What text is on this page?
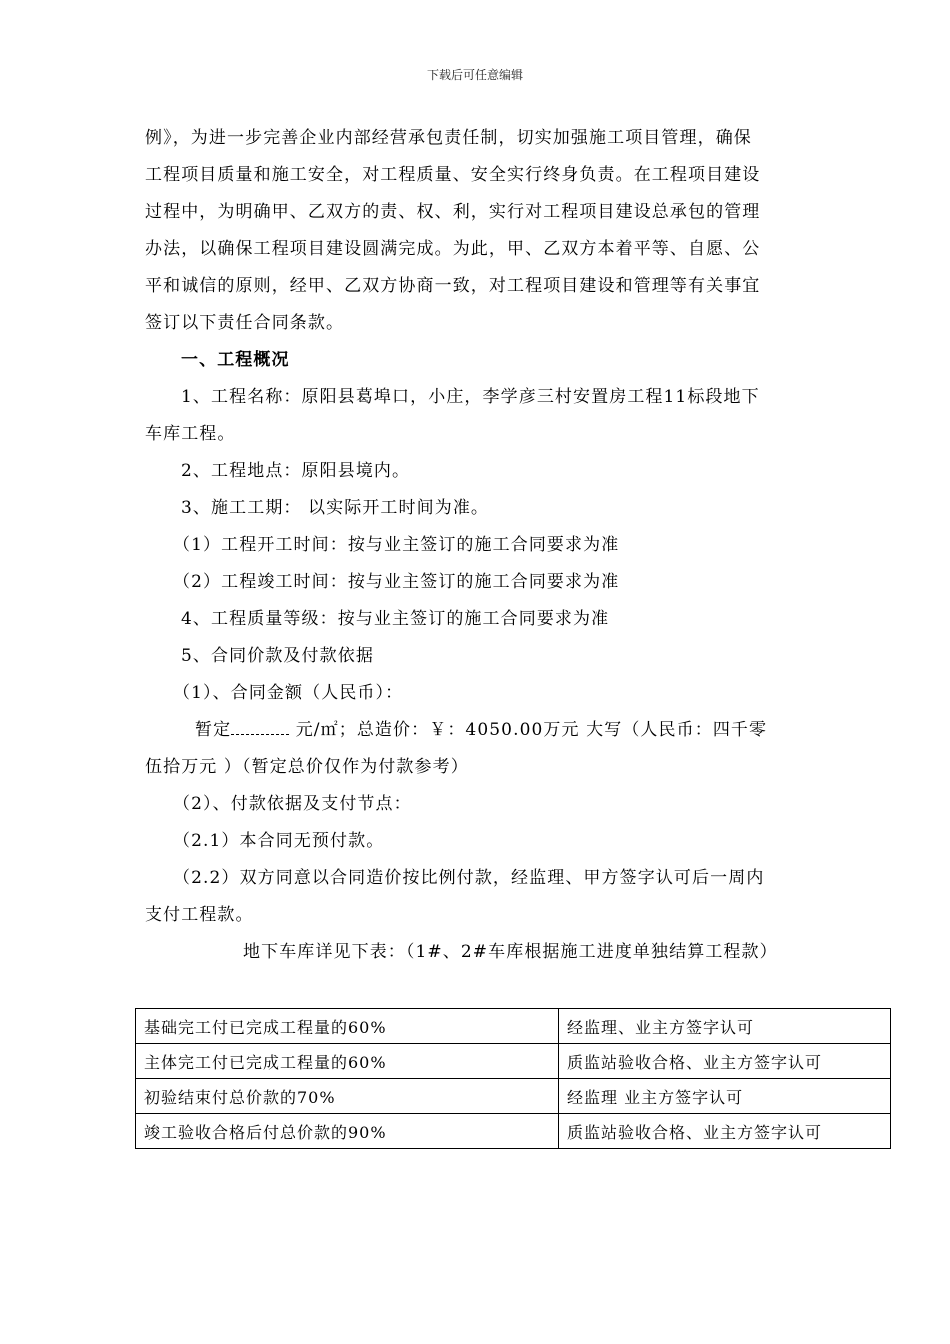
下载后可任意编辑

例》，为进一步完善企业内部经营承包责任制，切实加强施工项目管理，确保

工程项目质量和施工安全，对工程质量、安全实行终身负责。在工程项目建设

过程中，为明确甲、乙双方的责、权、利，实行对工程项目建设总承包的管理

办法，以确保工程项目建设圆满完成。为此，甲、乙双方本着平等、自愿、公

平和诚信的原则，经甲、乙双方协商一致，对工程项目建设和管理等有关事宜

签订以下责任合同条款。

一、工程概况

1、工程名称：原阳县葛埠口，小庄，李学彦三村安置房工程11标段地下

车库工程。

2、工程地点：原阳县境内。

3、施工工期： 以实际开工时间为准。

（1）工程开工时间：按与业主签订的施工合同要求为准

（2）工程竣工时间：按与业主签订的施工合同要求为准

4、工程质量等级：按与业主签订的施工合同要求为准

5、合同价款及付款依据

（1）、合同金额（人民币）：

暂定	元/㎡；总造价：￥：4050.00万元 大写（人民币：四千零

伍拾万元 ）（暂定总价仅作为付款参考）

（2）、付款依据及支付节点：

（2.1）本合同无预付款。

（2.2）双方同意以合同造价按比例付款，经监理、甲方签字认可后一周内

支付工程款。

地下车库详见下表：（1#、2#车库根据施工进度单独结算工程款）

基础完工付已完成工程量的60%	经监理、业主方签字认可
主体完工付已完成工程量的60%	质监站验收合格、业主方签字认可
初验结束付总价款的70%	经监理 业主方签字认可
竣工验收合格后付总价款的90%	质监站验收合格、业主方签字认可
